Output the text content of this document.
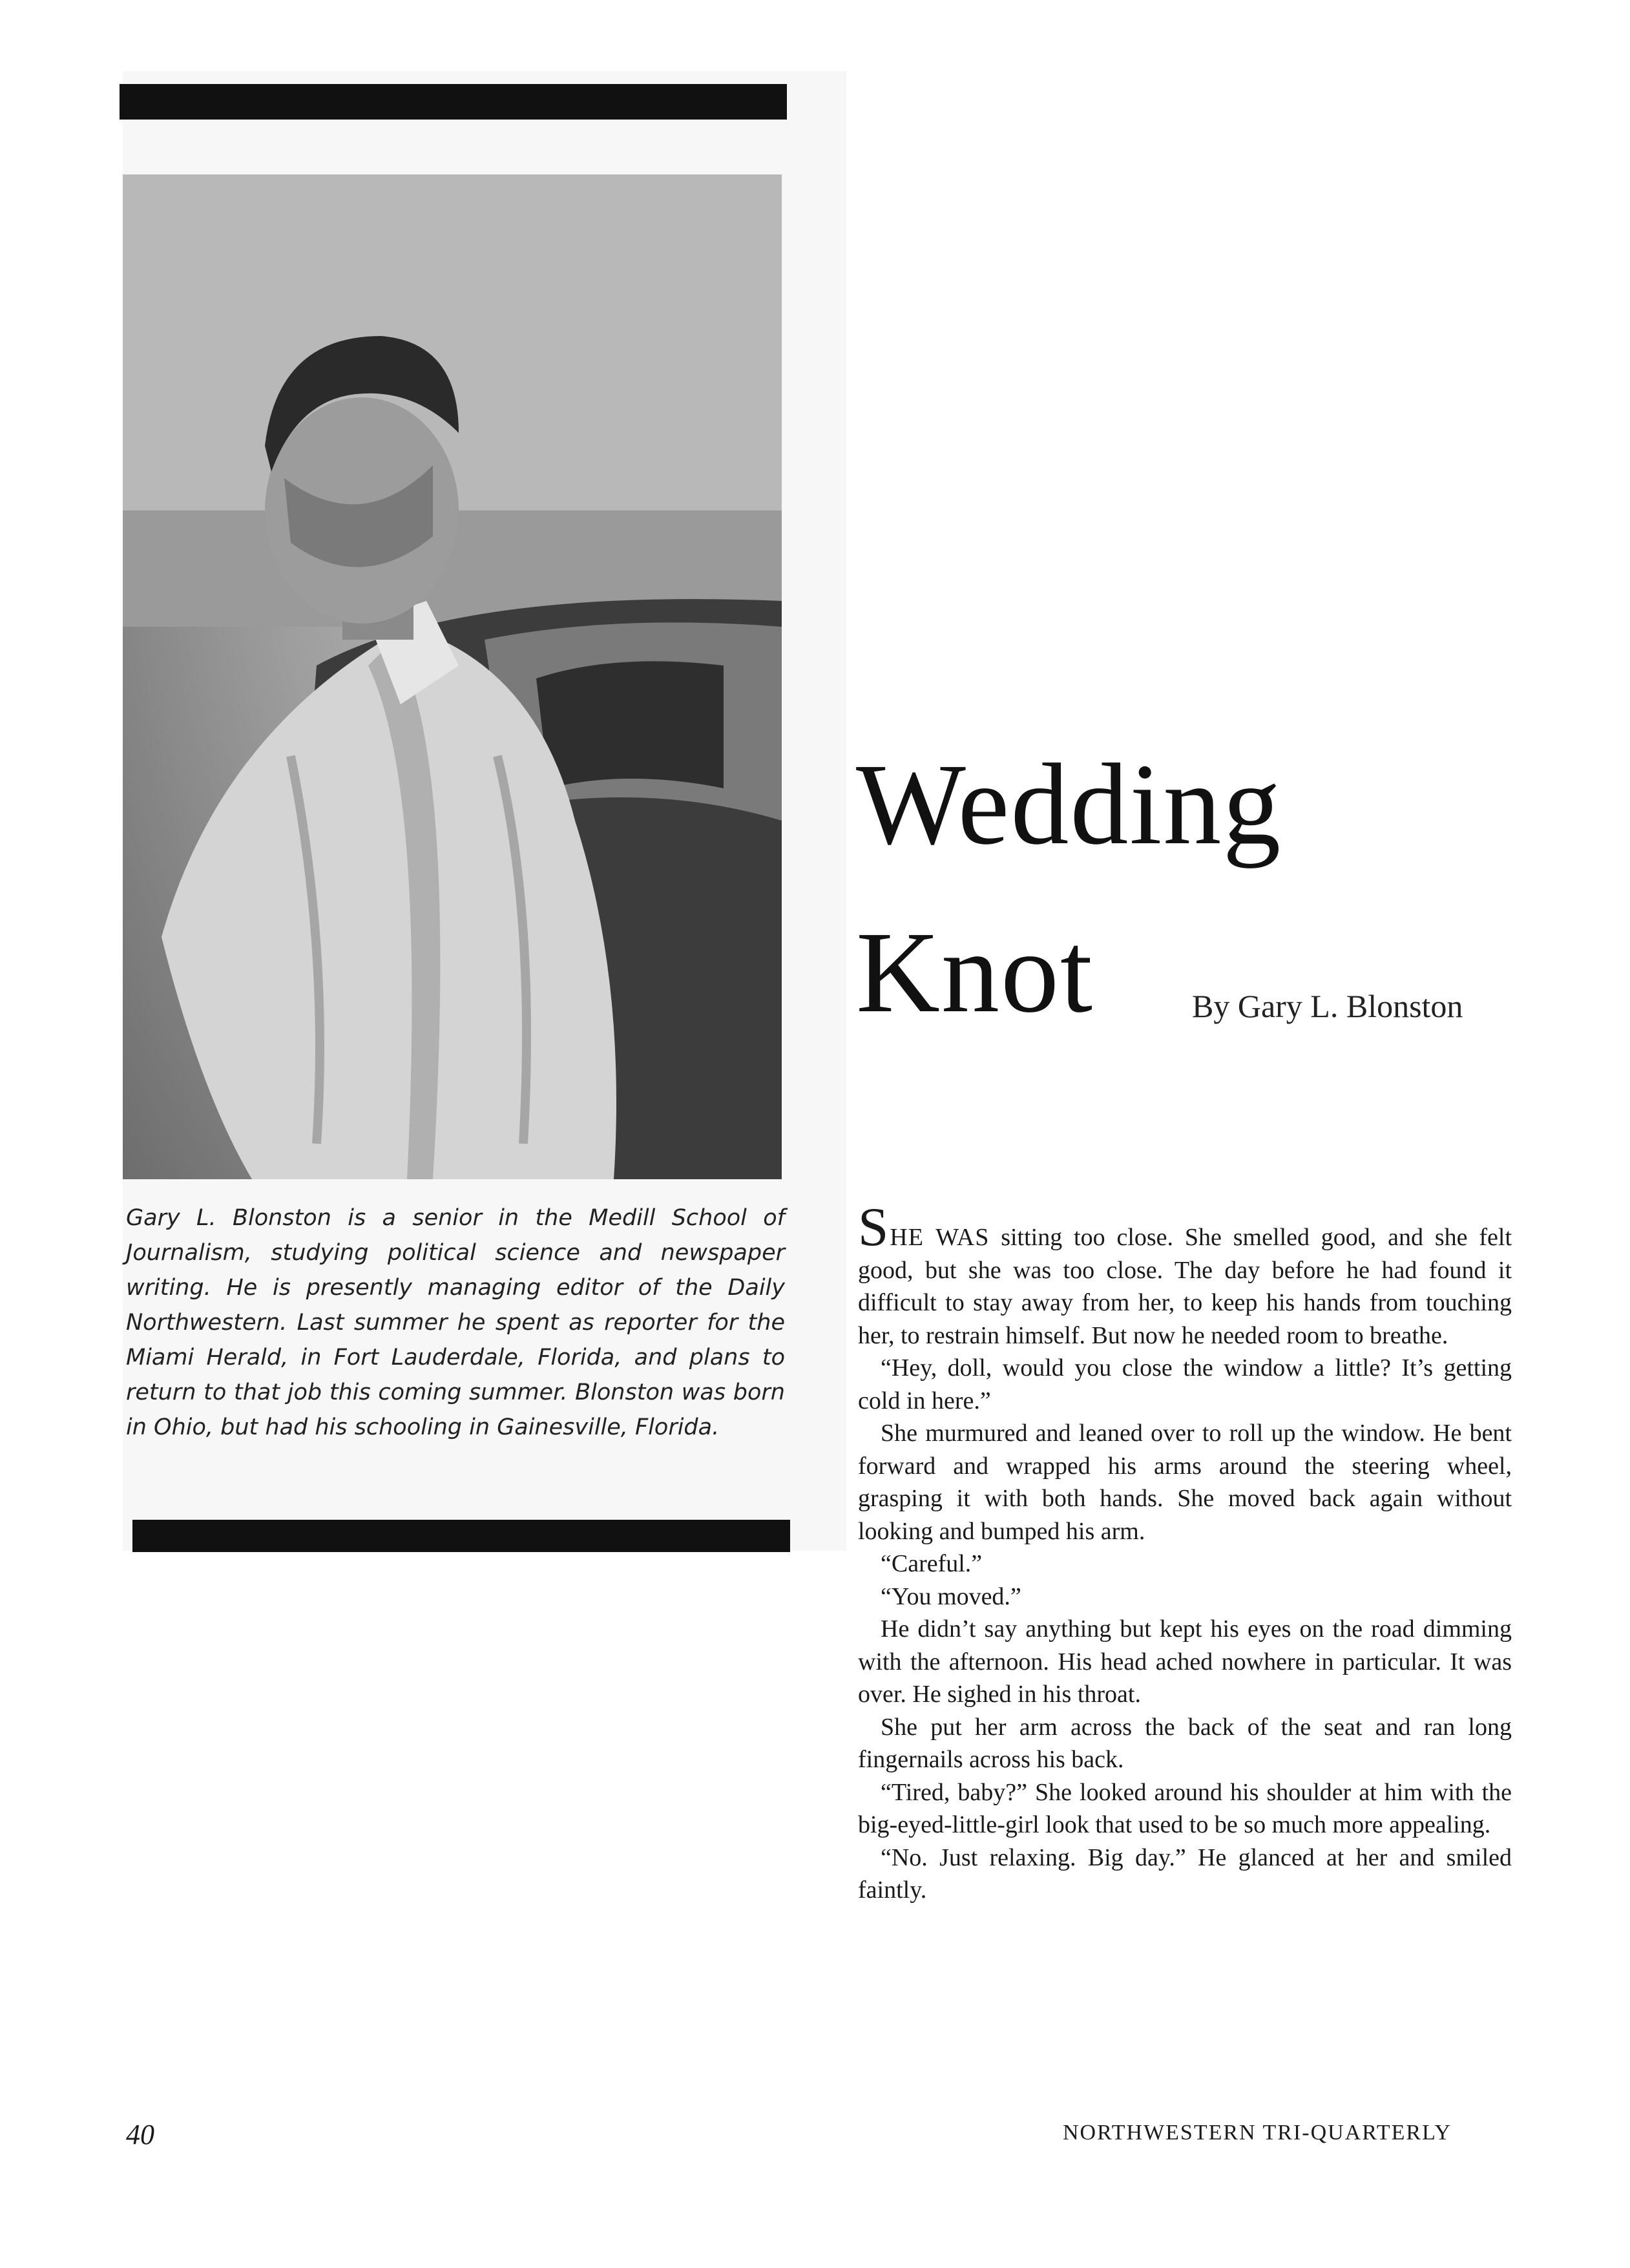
Gary L. Blonston is a senior in the Medill School of Journalism, studying political science and newspaper writing. He is presently managing editor of the Daily Northwestern. Last summer he spent as reporter for the Miami Herald, in Fort Lauderdale, Florida, and plans to return to that job this coming summer. Blonston was born in Ohio, but had his schooling in Gainesville, Florida.

Wedding
Knot	By Gary L. Blonston

SHE WAS sitting too close. She smelled good, and she felt good, but she was too close. The day before he had found it difficult to stay away from her, to keep his hands from touching her, to restrain himself. But now he needed room to breathe.

“Hey, doll, would you close the window a little? It’s getting cold in here.”

She murmured and leaned over to roll up the window. He bent forward and wrapped his arms around the steering wheel, grasping it with both hands. She moved back again without looking and bumped his arm.

“Careful.”

“You moved.”

He didn’t say anything but kept his eyes on the road dimming with the afternoon. His head ached nowhere in particular. It was over. He sighed in his throat.

She put her arm across the back of the seat and ran long fingernails across his back.

“Tired, baby?” She looked around his shoulder at him with the big-eyed-little-girl look that used to be so much more appealing.

“No. Just relaxing. Big day.” He glanced at her and smiled faintly.

40	NORTHWESTERN TRI-QUARTERLY
